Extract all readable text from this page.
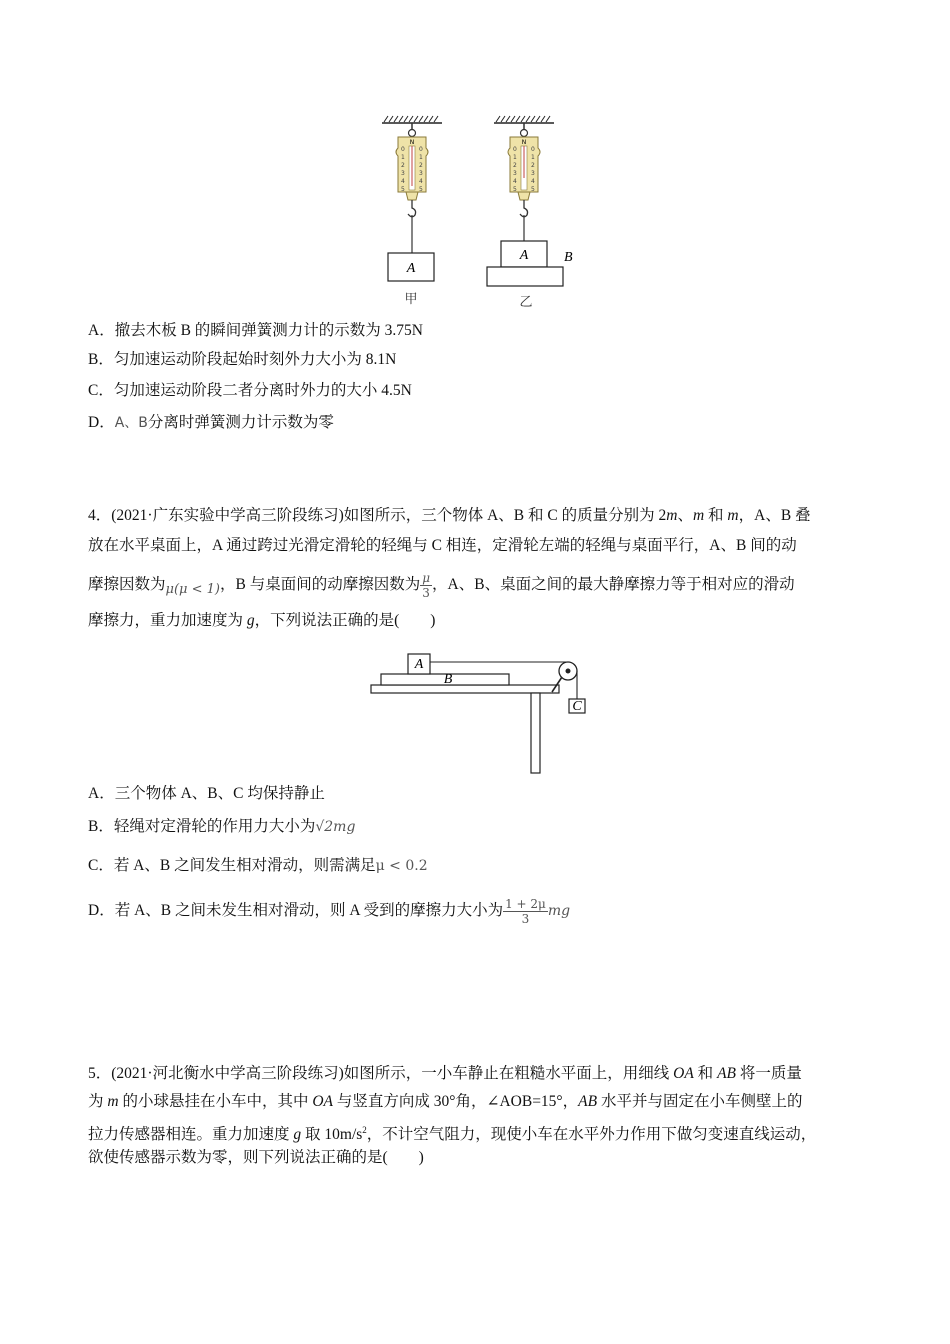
N
0
1
2
3
4
5
0
1
2
3
4
5
A
甲
N
0
1
2
3
4
5
0
1
2
3
4
5
A	B
乙
A．撤去木板 B 的瞬间弹簧测力计的示数为 3.75N
B．匀加速运动阶段起始时刻外力大小为 8.1N
C．匀加速运动阶段二者分离时外力的大小 4.5N
D．A、B分离时弹簧测力计示数为零
4．(2021·广东实验中学高三阶段练习)如图所示，三个物体 A、B 和 C 的质量分别为 2m、m 和 m，A、B 叠
放在水平桌面上，A 通过跨过光滑定滑轮的轻绳与 C 相连，定滑轮左端的轻绳与桌面平行，A、B 间的动
摩擦因数为$_{\mu(\mu < 1)}$，B 与桌面间的动摩擦因数为 $\frac{\mu}{3}$ ，A、B、桌面之间的最大静摩擦力等于相对应的滑动
摩擦力，重力加速度为 g，下列说法正确的是(　　)
B
A
C
A．三个物体 A、B、C 均保持静止
B．轻绳对定滑轮的作用力大小为√2mg
C．若 A、B 之间发生相对滑动，则需满足μ < 0.2
D．若 A、B 之间未发生相对滑动，则 A 受到的摩擦力大小为 $\frac{1 + 2\mu}{3}$ mg
5．(2021·河北衡水中学高三阶段练习)如图所示，一小车静止在粗糙水平面上，用细线 OA 和 AB 将一质量
为 m 的小球悬挂在小车中，其中 OA 与竖直方向成 30°角，∠AOB=15°，AB 水平并与固定在小车侧壁上的
拉力传感器相连。重力加速度 g 取 $10m/s^2$，不计空气阻力，现使小车在水平外力作用下做匀变速直线运动，
欲使传感器示数为零，则下列说法正确的是(　　)
